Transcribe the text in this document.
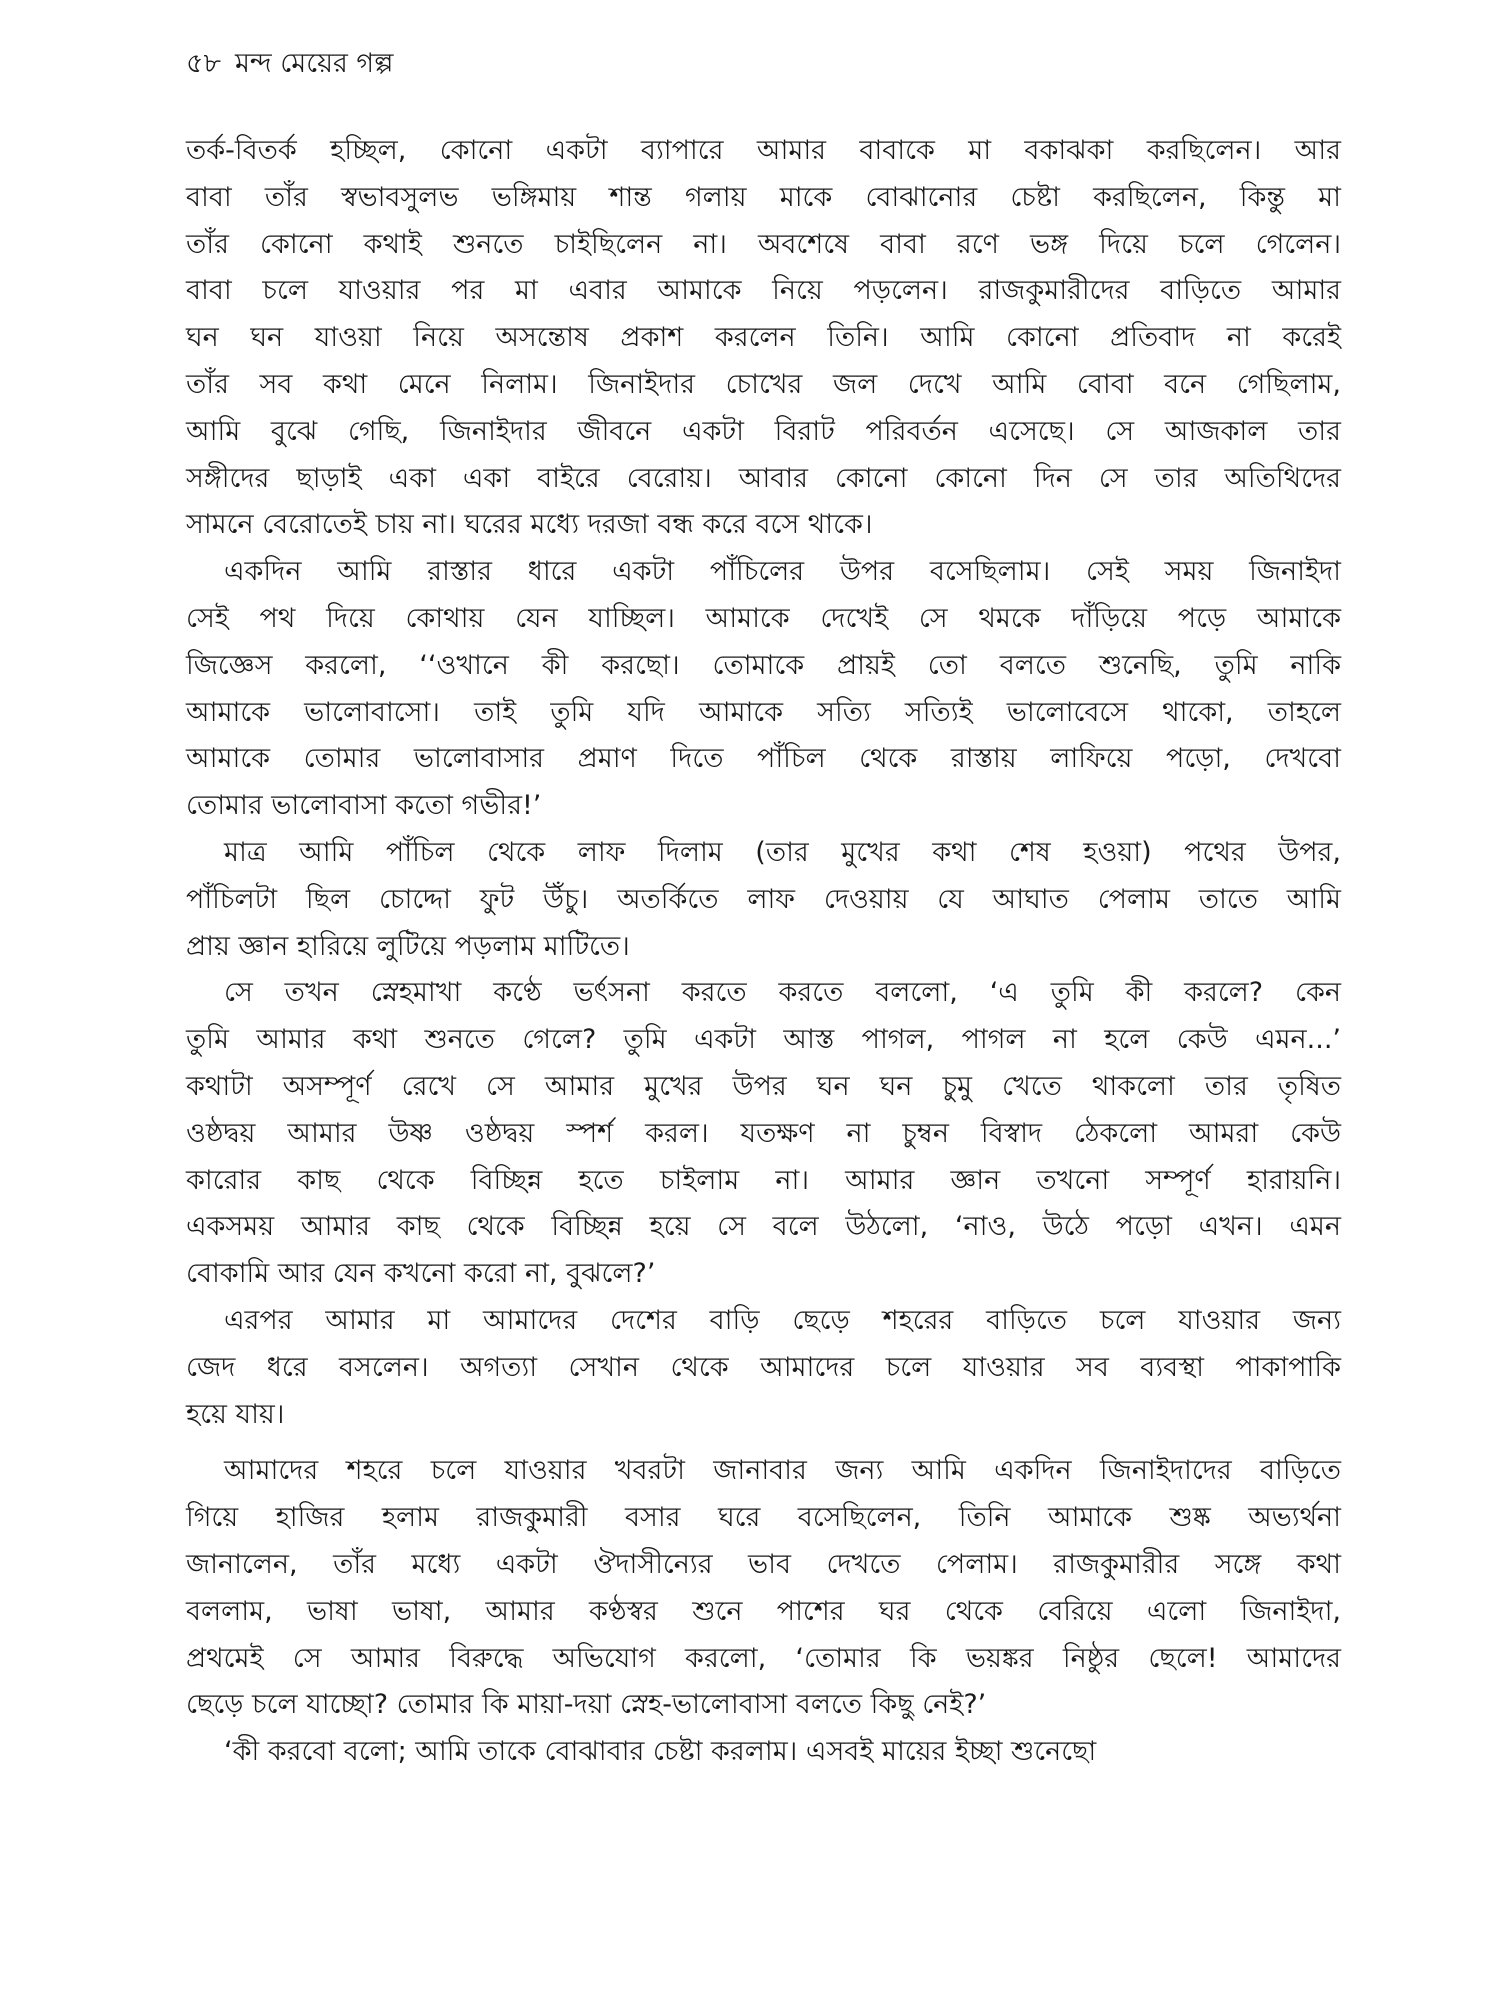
৫৮ মন্দ মেয়ের গল্প
তর্ক-বিতর্ক হচ্ছিল, কোনো একটা ব্যাপারে আমার বাবাকে মা বকাঝকা করছিলেন। আর
বাবা তাঁর স্বভাবসুলভ ভঙ্গিমায় শান্ত গলায় মাকে বোঝানোর চেষ্টা করছিলেন, কিন্তু মা
তাঁর কোনো কথাই শুনতে চাইছিলেন না। অবশেষে বাবা রণে ভঙ্গ দিয়ে চলে গেলেন।
বাবা চলে যাওয়ার পর মা এবার আমাকে নিয়ে পড়লেন। রাজকুমারীদের বাড়িতে আমার
ঘন ঘন যাওয়া নিয়ে অসন্তোষ প্রকাশ করলেন তিনি। আমি কোনো প্রতিবাদ না করেই
তাঁর সব কথা মেনে নিলাম। জিনাইদার চোখের জল দেখে আমি বোবা বনে গেছিলাম,
আমি বুঝে গেছি, জিনাইদার জীবনে একটা বিরাট পরিবর্তন এসেছে। সে আজকাল তার
সঙ্গীদের ছাড়াই একা একা বাইরে বেরোয়। আবার কোনো কোনো দিন সে তার অতিথিদের
সামনে বেরোতেই চায় না। ঘরের মধ্যে দরজা বন্ধ করে বসে থাকে।
একদিন আমি রাস্তার ধারে একটা পাঁচিলের উপর বসেছিলাম। সেই সময় জিনাইদা
সেই পথ দিয়ে কোথায় যেন যাচ্ছিল। আমাকে দেখেই সে থমকে দাঁড়িয়ে পড়ে আমাকে
জিজ্ঞেস করলো, ‘‘ওখানে কী করছো। তোমাকে প্রায়ই তো বলতে শুনেছি, তুমি নাকি
আমাকে ভালোবাসো। তাই তুমি যদি আমাকে সত্যি সত্যিই ভালোবেসে থাকো, তাহলে
আমাকে তোমার ভালোবাসার প্রমাণ দিতে পাঁচিল থেকে রাস্তায় লাফিয়ে পড়ো, দেখবো
তোমার ভালোবাসা কতো গভীর!’
মাত্র আমি পাঁচিল থেকে লাফ দিলাম (তার মুখের কথা শেষ হওয়া) পথের উপর,
পাঁচিলটা ছিল চোদ্দো ফুট উঁচু। অতর্কিতে লাফ দেওয়ায় যে আঘাত পেলাম তাতে আমি
প্রায় জ্ঞান হারিয়ে লুটিয়ে পড়লাম মাটিতে।
সে তখন স্নেহমাখা কণ্ঠে ভর্ৎসনা করতে করতে বললো, ‘এ তুমি কী করলে? কেন
তুমি আমার কথা শুনতে গেলে? তুমি একটা আস্ত পাগল, পাগল না হলে কেউ এমন...’
কথাটা অসম্পূর্ণ রেখে সে আমার মুখের উপর ঘন ঘন চুমু খেতে থাকলো তার তৃষিত
ওষ্ঠদ্বয় আমার উষ্ণ ওষ্ঠদ্বয় স্পর্শ করল। যতক্ষণ না চুম্বন বিস্বাদ ঠেকলো আমরা কেউ
কারোর কাছ থেকে বিচ্ছিন্ন হতে চাইলাম না। আমার জ্ঞান তখনো সম্পূর্ণ হারায়নি।
একসময় আমার কাছ থেকে বিচ্ছিন্ন হয়ে সে বলে উঠলো, ‘নাও, উঠে পড়ো এখন। এমন
বোকামি আর যেন কখনো করো না, বুঝলে?’
এরপর আমার মা আমাদের দেশের বাড়ি ছেড়ে শহরের বাড়িতে চলে যাওয়ার জন্য
জেদ ধরে বসলেন। অগত্যা সেখান থেকে আমাদের চলে যাওয়ার সব ব্যবস্থা পাকাপাকি
হয়ে যায়।
আমাদের শহরে চলে যাওয়ার খবরটা জানাবার জন্য আমি একদিন জিনাইদাদের বাড়িতে
গিয়ে হাজির হলাম রাজকুমারী বসার ঘরে বসেছিলেন, তিনি আমাকে শুষ্ক অভ্যর্থনা
জানালেন, তাঁর মধ্যে একটা ঔদাসীন্যের ভাব দেখতে পেলাম। রাজকুমারীর সঙ্গে কথা
বললাম, ভাষা ভাষা, আমার কণ্ঠস্বর শুনে পাশের ঘর থেকে বেরিয়ে এলো জিনাইদা,
প্রথমেই সে আমার বিরুদ্ধে অভিযোগ করলো, ‘তোমার কি ভয়ঙ্কর নিষ্ঠুর ছেলে! আমাদের
ছেড়ে চলে যাচ্ছো? তোমার কি মায়া-দয়া স্নেহ-ভালোবাসা বলতে কিছু নেই?’
‘কী করবো বলো; আমি তাকে বোঝাবার চেষ্টা করলাম। এসবই মায়ের ইচ্ছা শুনেছো
